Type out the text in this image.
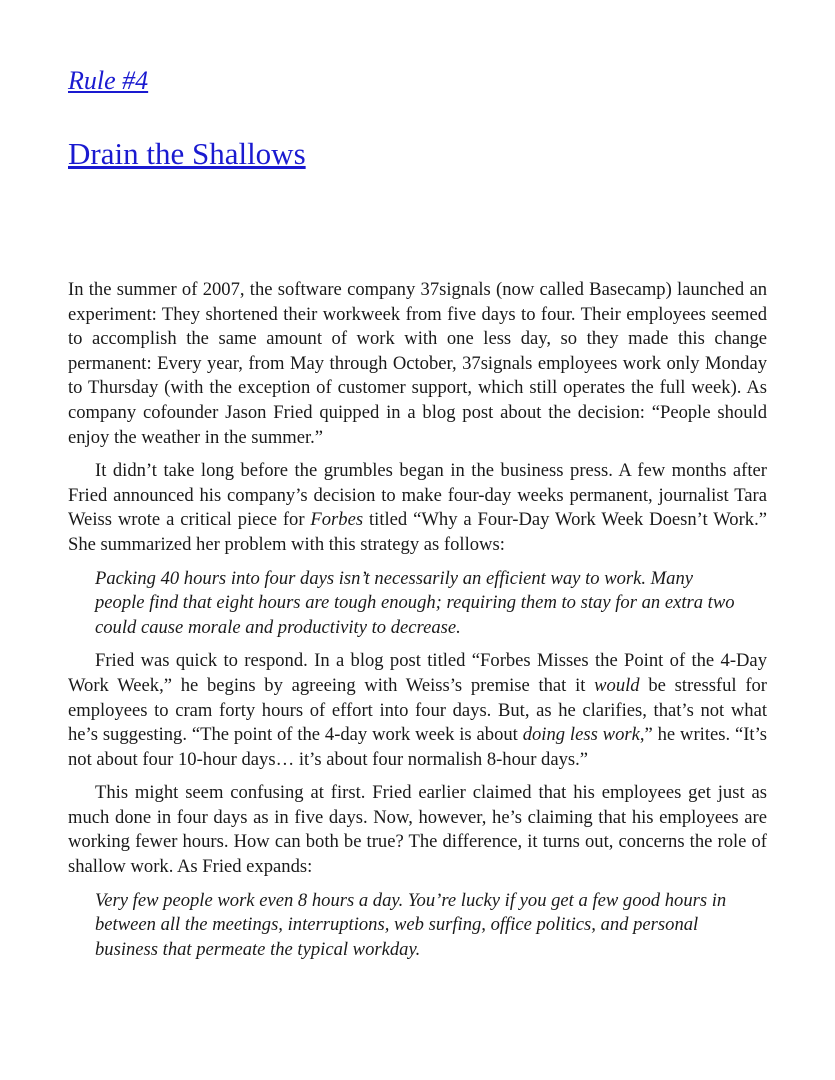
Rule #4
Drain the Shallows

In the summer of 2007, the software company 37signals (now called Basecamp) launched an experiment: They shortened their workweek from five days to four. Their employees seemed to accomplish the same amount of work with one less day, so they made this change permanent: Every year, from May through October, 37signals employees work only Monday to Thursday (with the exception of customer support, which still operates the full week). As company cofounder Jason Fried quipped in a blog post about the decision: “People should enjoy the weather in the summer.”

It didn’t take long before the grumbles began in the business press. A few months after Fried announced his company’s decision to make four-day weeks permanent, journalist Tara Weiss wrote a critical piece for Forbes titled “Why a Four-Day Work Week Doesn’t Work.” She summarized her problem with this strategy as follows:

Packing 40 hours into four days isn’t necessarily an efficient way to work. Many people find that eight hours are tough enough; requiring them to stay for an extra two could cause morale and productivity to decrease.

Fried was quick to respond. In a blog post titled “Forbes Misses the Point of the 4-Day Work Week,” he begins by agreeing with Weiss’s premise that it would be stressful for employees to cram forty hours of effort into four days. But, as he clarifies, that’s not what he’s suggesting. “The point of the 4-day work week is about doing less work,” he writes. “It’s not about four 10-hour days… it’s about four normalish 8-hour days.”

This might seem confusing at first. Fried earlier claimed that his employees get just as much done in four days as in five days. Now, however, he’s claiming that his employees are working fewer hours. How can both be true? The difference, it turns out, concerns the role of shallow work. As Fried expands:

Very few people work even 8 hours a day. You’re lucky if you get a few good hours in between all the meetings, interruptions, web surfing, office politics, and personal business that permeate the typical workday.
